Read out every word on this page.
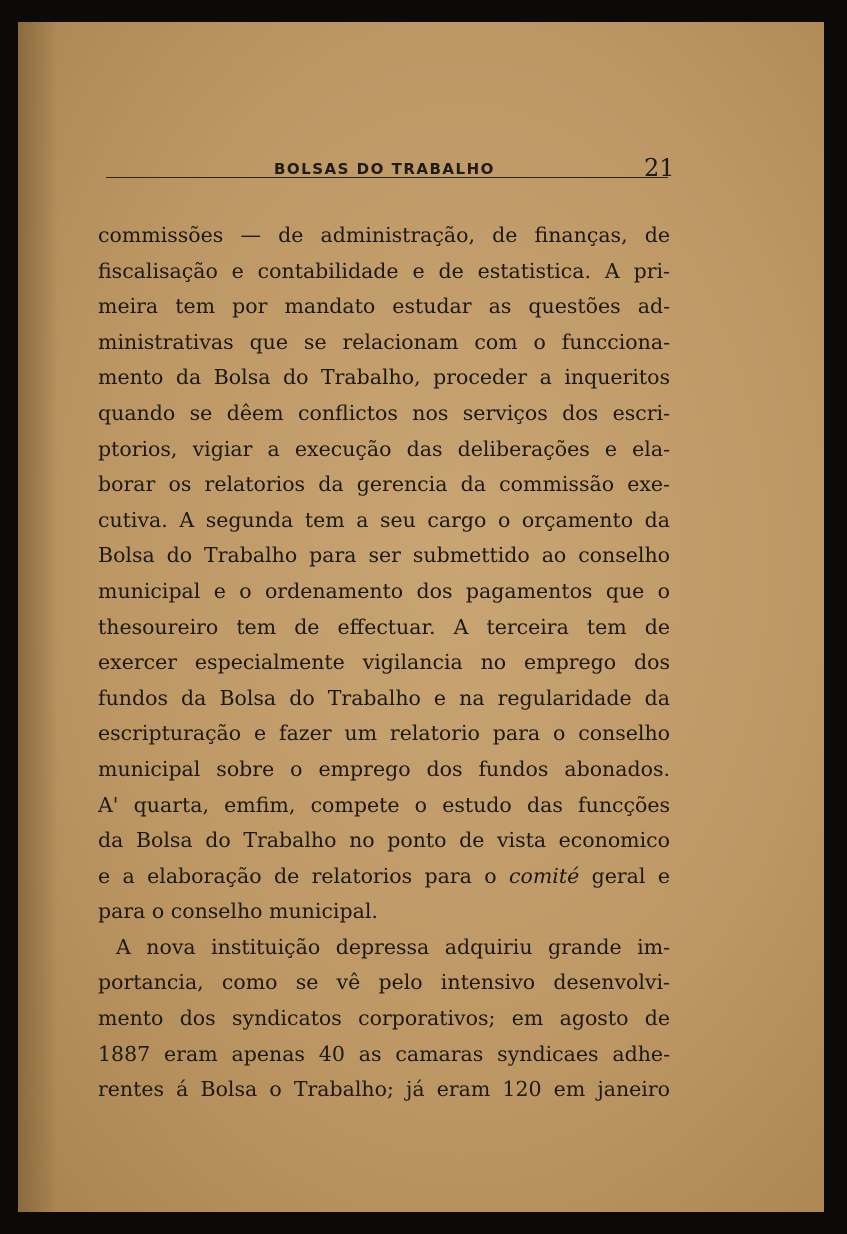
BOLSAS DO TRABALHO	21
commissões — de administração, de finanças, de
fiscalisação e contabilidade e de estatistica. A pri-
meira tem por mandato estudar as questões ad-
ministrativas que se relacionam com o funcciona-
mento da Bolsa do Trabalho, proceder a inqueritos
quando se dêem conflictos nos serviços dos escri-
ptorios, vigiar a execução das deliberações e ela-
borar os relatorios da gerencia da commissão exe-
cutiva. A segunda tem a seu cargo o orçamento da
Bolsa do Trabalho para ser submettido ao conselho
municipal e o ordenamento dos pagamentos que o
thesoureiro tem de effectuar. A terceira tem de
exercer especialmente vigilancia no emprego dos
fundos da Bolsa do Trabalho e na regularidade da
escripturação e fazer um relatorio para o conselho
municipal sobre o emprego dos fundos abonados.
A' quarta, emfim, compete o estudo das funcções
da Bolsa do Trabalho no ponto de vista economico
e a elaboração de relatorios para o comité geral e
para o conselho municipal.
A nova instituição depressa adquiriu grande im-
portancia, como se vê pelo intensivo desenvolvi-
mento dos syndicatos corporativos; em agosto de
1887 eram apenas 40 as camaras syndicaes adhe-
rentes á Bolsa o Trabalho; já eram 120 em janeiro
